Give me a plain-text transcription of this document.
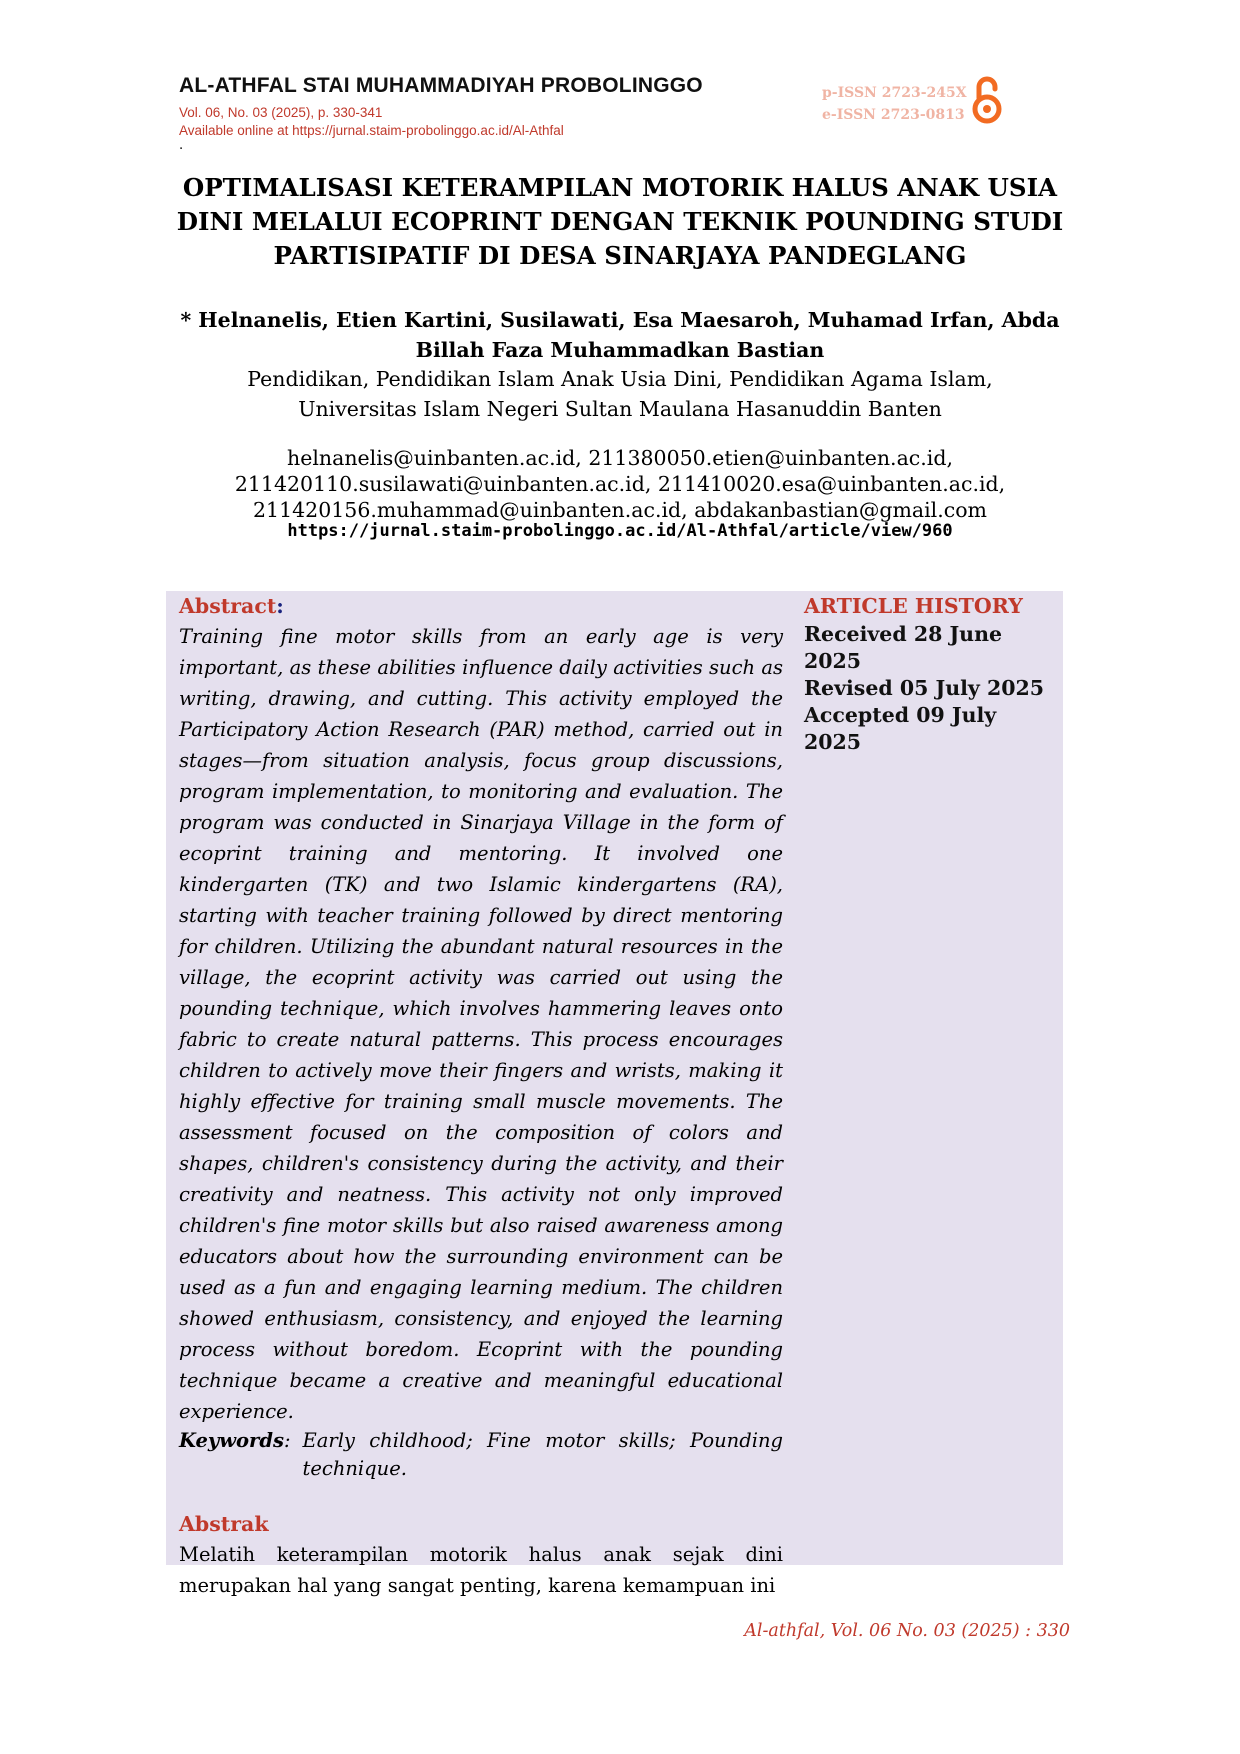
AL-ATHFAL STAI MUHAMMADIYAH PROBOLINGGO
Vol. 06, No. 03 (2025), p. 330-341
Available online at https://jurnal.staim-probolinggo.ac.id/Al-Athfal
.
p-ISSN 2723-245X
e-ISSN 2723-0813
OPTIMALISASI KETERAMPILAN MOTORIK HALUS ANAK USIA DINI MELALUI ECOPRINT DENGAN TEKNIK POUNDING STUDI PARTISIPATIF DI DESA SINARJAYA PANDEGLANG
* Helnanelis, Etien Kartini, Susilawati, Esa Maesaroh, Muhamad Irfan, Abda Billah Faza Muhammadkan Bastian
Pendidikan, Pendidikan Islam Anak Usia Dini, Pendidikan Agama Islam,
Universitas Islam Negeri Sultan Maulana Hasanuddin Banten
helnanelis@uinbanten.ac.id, 211380050.etien@uinbanten.ac.id,
211420110.susilawati@uinbanten.ac.id, 211410020.esa@uinbanten.ac.id,
211420156.muhammad@uinbanten.ac.id, abdakanbastian@gmail.com
https://jurnal.staim-probolinggo.ac.id/Al-Athfal/article/view/960
Abstract:

Training fine motor skills from an early age is very important, as these abilities influence daily activities such as writing, drawing, and cutting. This activity employed the Participatory Action Research (PAR) method, carried out in stages—from situation analysis, focus group discussions, program implementation, to monitoring and evaluation. The program was conducted in Sinarjaya Village in the form of ecoprint training and mentoring. It involved one kindergarten (TK) and two Islamic kindergartens (RA), starting with teacher training followed by direct mentoring for children. Utilizing the abundant natural resources in the village, the ecoprint activity was carried out using the pounding technique, which involves hammering leaves onto fabric to create natural patterns. This process encourages children to actively move their fingers and wrists, making it highly effective for training small muscle movements. The assessment focused on the composition of colors and shapes, children's consistency during the activity, and their creativity and neatness. This activity not only improved children's fine motor skills but also raised awareness among educators about how the surrounding environment can be used as a fun and engaging learning medium. The children showed enthusiasm, consistency, and enjoyed the learning process without boredom. Ecoprint with the pounding technique became a creative and meaningful educational experience.

Keywords : Early childhood; Fine motor skills; Pounding technique.
Abstrak

Melatih keterampilan motorik halus anak sejak dini merupakan hal yang sangat penting, karena kemampuan ini

ARTICLE HISTORY
Received 28 June 2025
Revised 05 July 2025
Accepted 09 July 2025
Al-athfal, Vol. 06 No. 03 (2025) : 330
